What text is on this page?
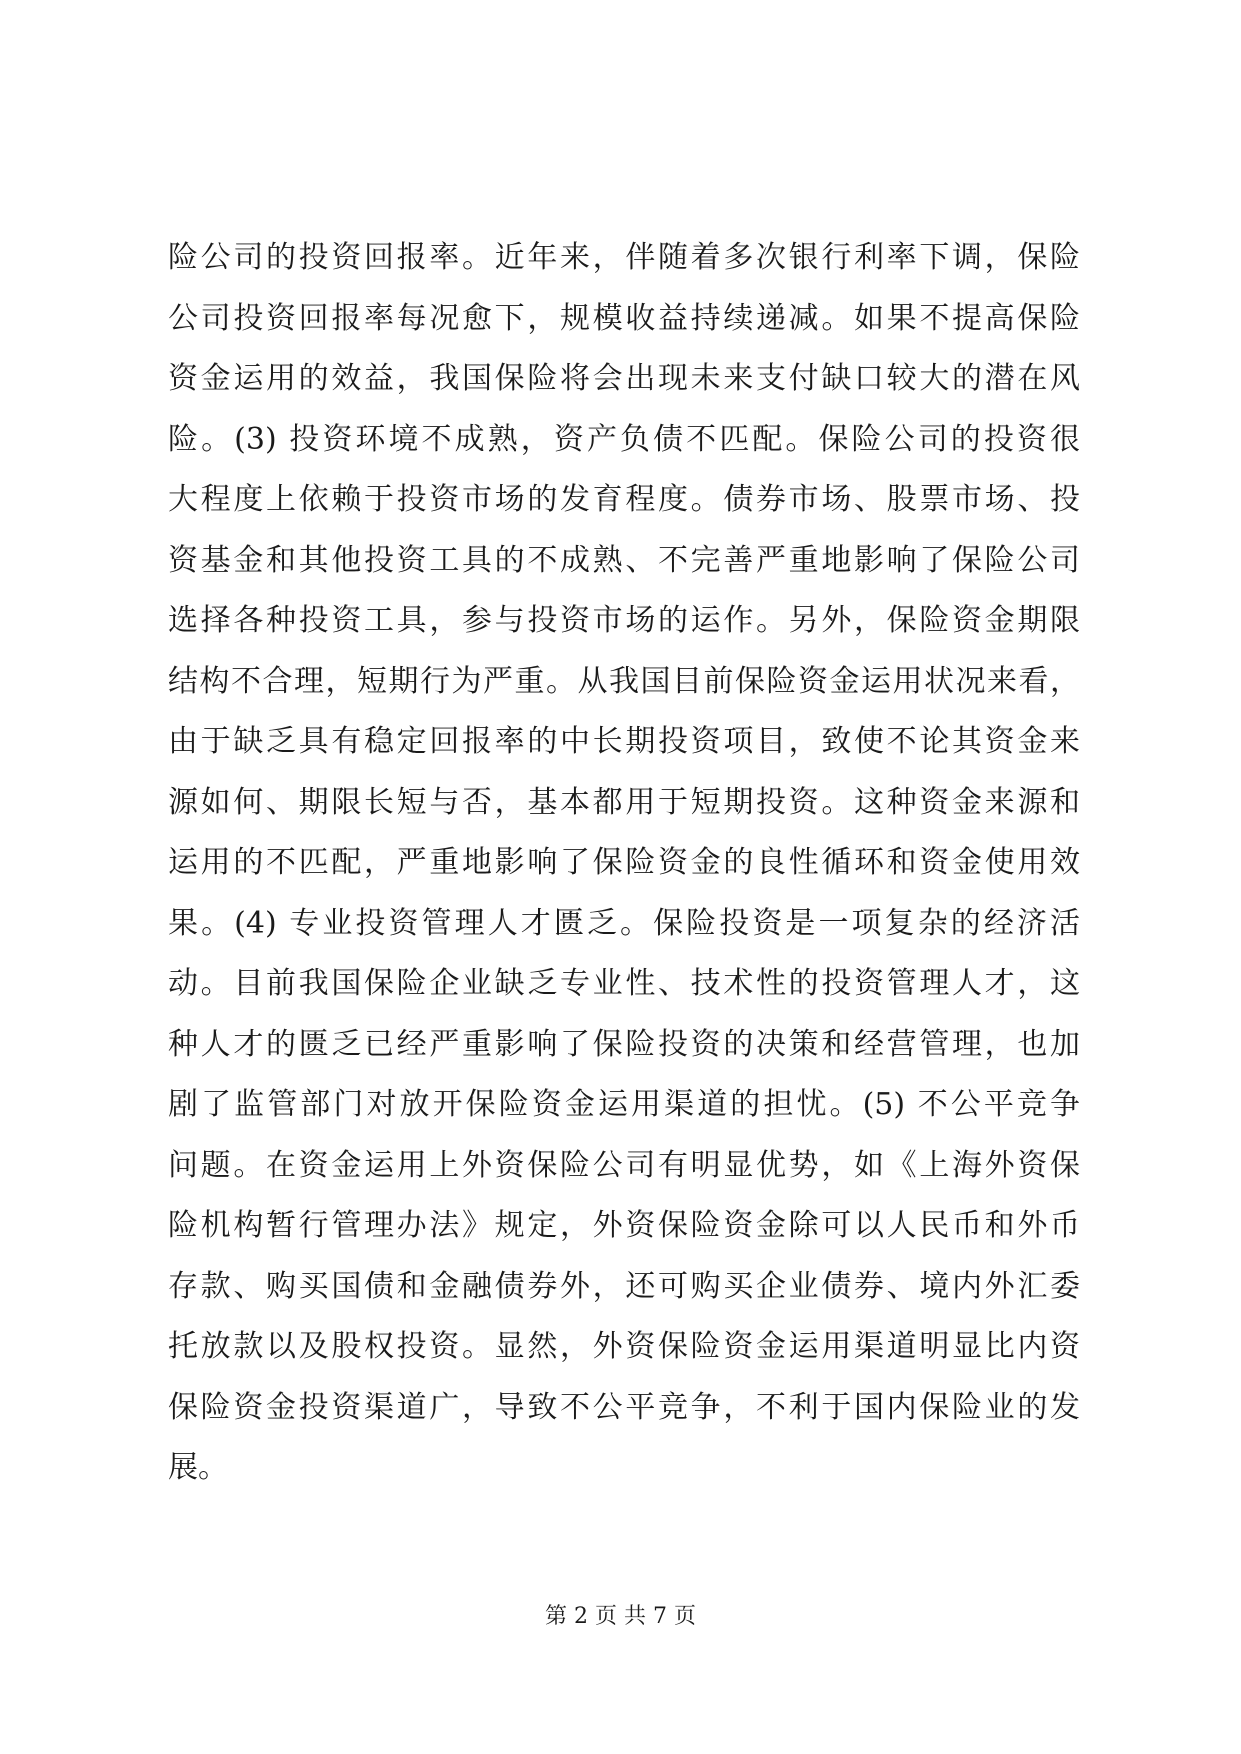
险公司的投资回报率。近年来，伴随着多次银行利率下调，保险
公司投资回报率每况愈下，规模收益持续递减。如果不提高保险
资金运用的效益，我国保险将会出现未来支付缺口较大的潜在风
险。(3) 投资环境不成熟，资产负债不匹配。保险公司的投资很
大程度上依赖于投资市场的发育程度。债券市场、股票市场、投
资基金和其他投资工具的不成熟、不完善严重地影响了保险公司
选择各种投资工具，参与投资市场的运作。另外，保险资金期限
结构不合理，短期行为严重。从我国目前保险资金运用状况来看，
由于缺乏具有稳定回报率的中长期投资项目，致使不论其资金来
源如何、期限长短与否，基本都用于短期投资。这种资金来源和
运用的不匹配，严重地影响了保险资金的良性循环和资金使用效
果。(4) 专业投资管理人才匮乏。保险投资是一项复杂的经济活
动。目前我国保险企业缺乏专业性、技术性的投资管理人才，这
种人才的匮乏已经严重影响了保险投资的决策和经营管理，也加
剧了监管部门对放开保险资金运用渠道的担忧。(5) 不公平竞争
问题。在资金运用上外资保险公司有明显优势，如《上海外资保
险机构暂行管理办法》规定，外资保险资金除可以人民币和外币
存款、购买国债和金融债券外，还可购买企业债券、境内外汇委
托放款以及股权投资。显然，外资保险资金运用渠道明显比内资
保险资金投资渠道广，导致不公平竞争，不利于国内保险业的发
展。
第 2 页 共 7 页
